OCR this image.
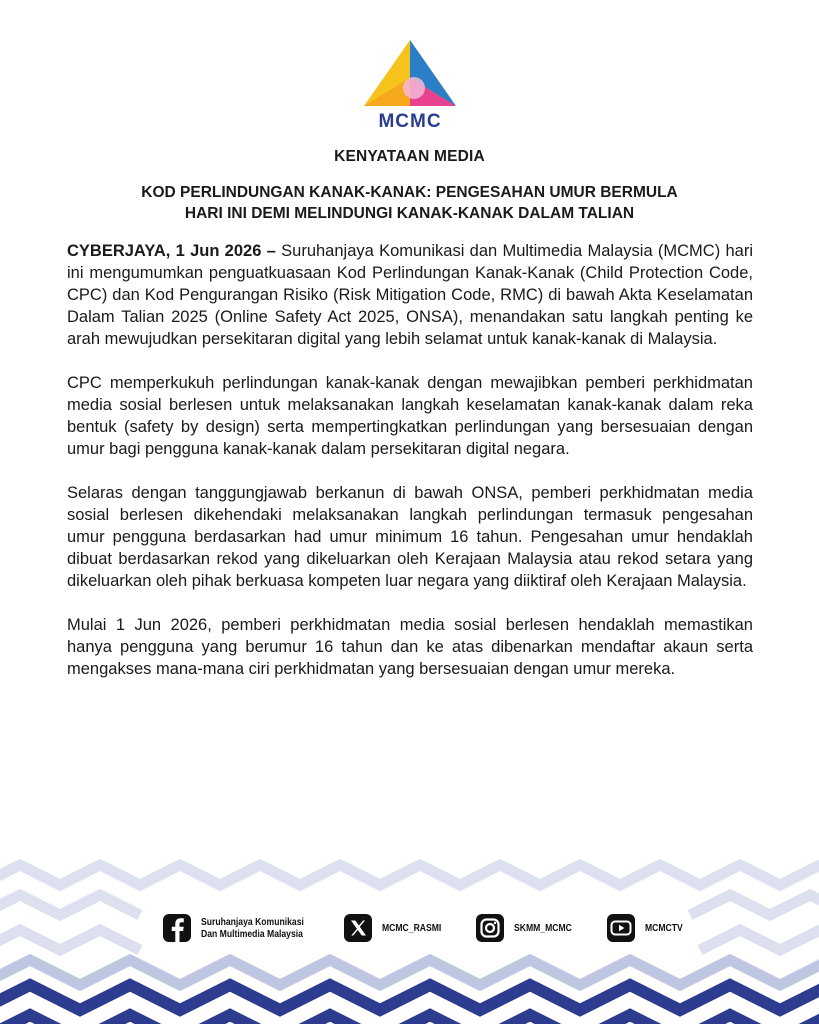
MCMC
KENYATAAN MEDIA
KOD PERLINDUNGAN KANAK-KANAK: PENGESAHAN UMUR BERMULA
HARI INI DEMI MELINDUNGI KANAK-KANAK DALAM TALIAN

CYBERJAYA, 1 Jun 2026 – Suruhanjaya Komunikasi dan Multimedia Malaysia (MCMC) hari ini mengumumkan penguatkuasaan Kod Perlindungan Kanak-Kanak (Child Protection Code, CPC) dan Kod Pengurangan Risiko (Risk Mitigation Code, RMC) di bawah Akta Keselamatan Dalam Talian 2025 (Online Safety Act 2025, ONSA), menandakan satu langkah penting ke arah mewujudkan persekitaran digital yang lebih selamat untuk kanak-kanak di Malaysia.

CPC memperkukuh perlindungan kanak-kanak dengan mewajibkan pemberi perkhidmatan media sosial berlesen untuk melaksanakan langkah keselamatan kanak-kanak dalam reka bentuk (safety by design) serta mempertingkatkan perlindungan yang bersesuaian dengan umur bagi pengguna kanak-kanak dalam persekitaran digital negara.

Selaras dengan tanggungjawab berkanun di bawah ONSA, pemberi perkhidmatan media sosial berlesen dikehendaki melaksanakan langkah perlindungan termasuk pengesahan umur pengguna berdasarkan had umur minimum 16 tahun. Pengesahan umur hendaklah dibuat berdasarkan rekod yang dikeluarkan oleh Kerajaan Malaysia atau rekod setara yang dikeluarkan oleh pihak berkuasa kompeten luar negara yang diiktiraf oleh Kerajaan Malaysia.

Mulai 1 Jun 2026, pemberi perkhidmatan media sosial berlesen hendaklah memastikan hanya pengguna yang berumur 16 tahun dan ke atas dibenarkan mendaftar akaun serta mengakses mana-mana ciri perkhidmatan yang bersesuaian dengan umur mereka.

Suruhanjaya Komunikasi
Dan Multimedia Malaysia	MCMC_RASMI	SKMM_MCMC	MCMCTV
